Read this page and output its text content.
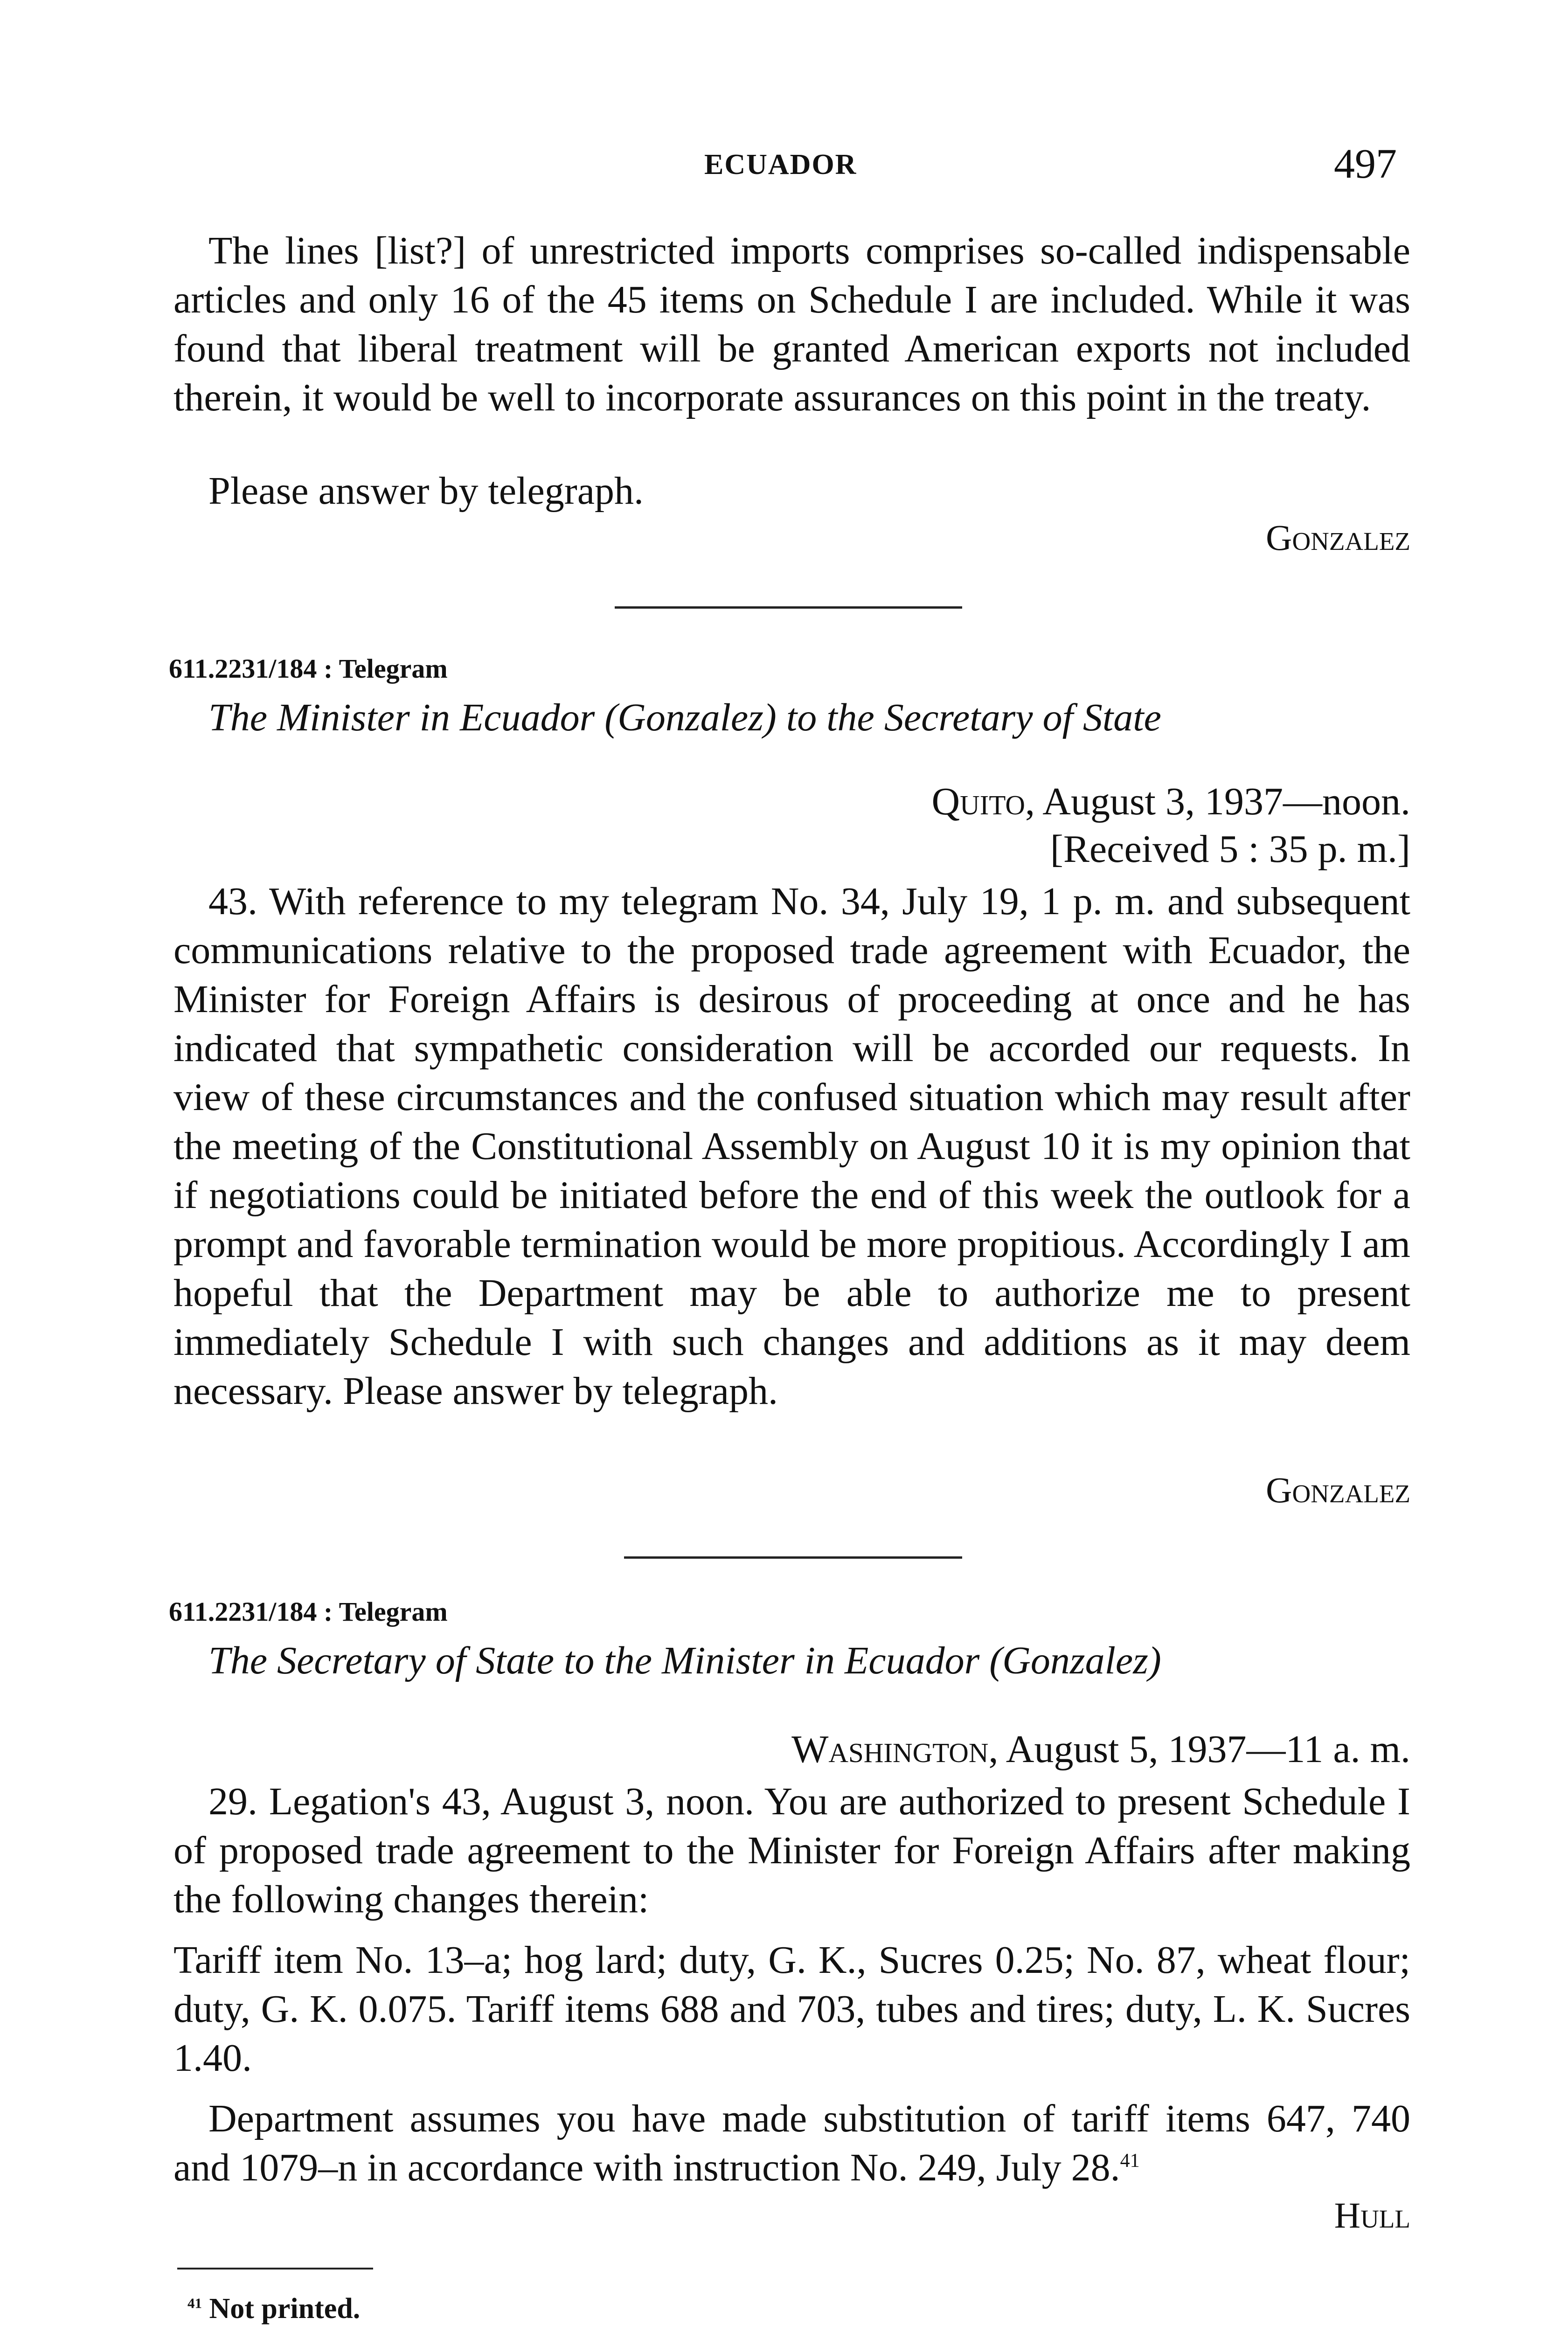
ECUADOR	497

The lines [list?] of unrestricted imports comprises so-called indispensable articles and only 16 of the 45 items on Schedule I are included. While it was found that liberal treatment will be granted American exports not included therein, it would be well to incorporate assurances on this point in the treaty.

Please answer by telegraph.

Gonzalez
611.2231/184 : Telegram
The Minister in Ecuador (Gonzalez) to the Secretary of State
Quito, August 3, 1937—noon.
[Received 5 : 35 p. m.]

43. With reference to my telegram No. 34, July 19, 1 p. m. and subsequent communications relative to the proposed trade agreement with Ecuador, the Minister for Foreign Affairs is desirous of proceeding at once and he has indicated that sympathetic consideration will be accorded our requests. In view of these circumstances and the confused situation which may result after the meeting of the Constitutional Assembly on August 10 it is my opinion that if negotiations could be initiated before the end of this week the outlook for a prompt and favorable termination would be more propitious. Accordingly I am hopeful that the Department may be able to authorize me to present immediately Schedule I with such changes and additions as it may deem necessary. Please answer by telegraph.

Gonzalez
611.2231/184 : Telegram
The Secretary of State to the Minister in Ecuador (Gonzalez)
Washington, August 5, 1937—11 a. m.

29. Legation's 43, August 3, noon. You are authorized to present Schedule I of proposed trade agreement to the Minister for Foreign Affairs after making the following changes therein:

Tariff item No. 13–a; hog lard; duty, G. K., Sucres 0.25; No. 87, wheat flour; duty, G. K. 0.075. Tariff items 688 and 703, tubes and tires; duty, L. K. Sucres 1.40.

Department assumes you have made substitution of tariff items 647, 740 and 1079–n in accordance with instruction No. 249, July 28.41

Hull
$^{41}$ Not printed.
